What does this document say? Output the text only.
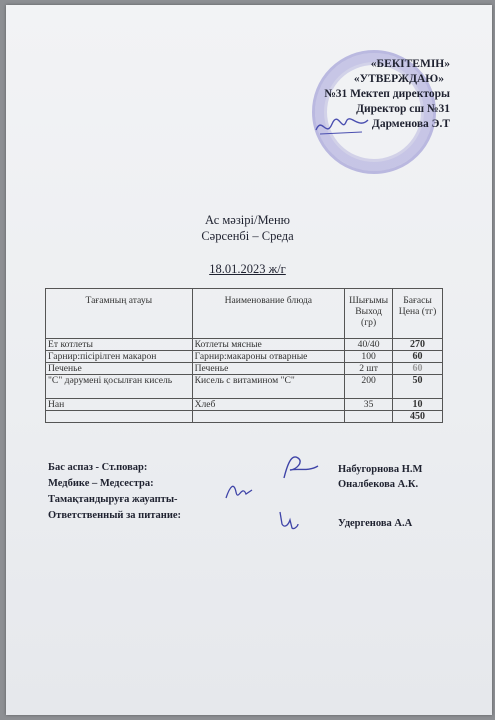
«БЕКІТЕМІН»
«УТВЕРЖДАЮ»
№31 Мектеп директоры
Директор сш №31
Дарменова Э.Т
Ас мәзірі/Меню
Сәрсенбі – Среда
18.01.2023 ж/г
Тағамның атауы	Наименование блюда	Шығымы Выход (гр)	Бағасы Цена (тг)
Ет котлеты	Котлеты мясные	40/40	270
Гарнир:пісірілген макарон	Гарнир:макароны отварные	100	60
Печенье	Печенье	2 шт	60
"С" дәрумені қосылған кисель	Кисель с витамином "С"	200	50
Нан	Хлеб	35	10
			450
Бас аспаз - Ст.повар:	Набугорнова Н.М
Медбике – Медсестра:	Оналбекова А.К.
Тамақтандыруға жауапты-
Ответственный за питание:
Удергенова А.А
